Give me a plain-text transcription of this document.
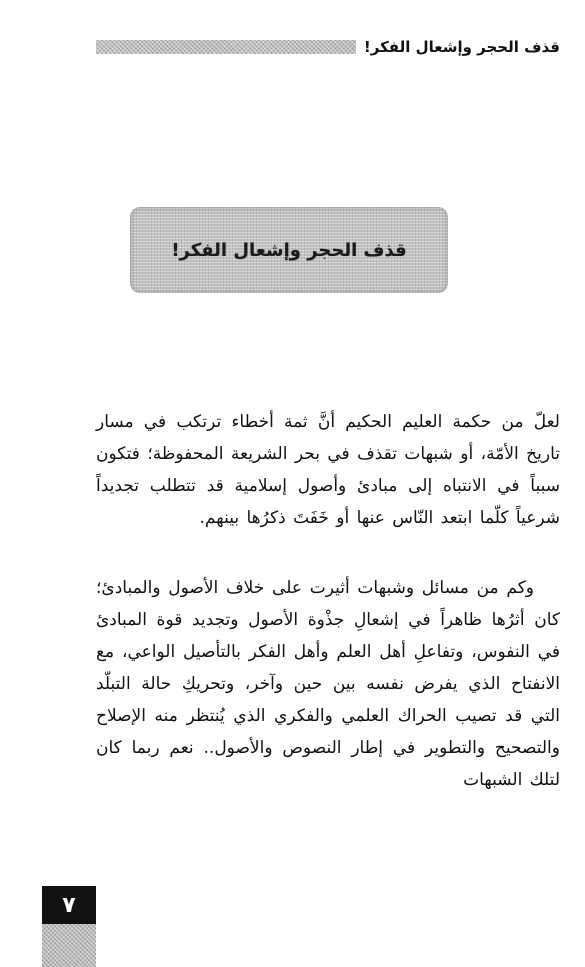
قذف الحجر وإشعال الفكر!
قذف الحجر وإشعال الفكر!
لعلّ من حكمة العليم الحكيم أنَّ ثمة أخطاء ترتكب في مسار تاريخ الأمّة، أو شبهات تقذف في بحر الشريعة المحفوظة؛ فتكون سبباً في الانتباه إلى مبادئ وأصول إسلامية قد تتطلب تجديداً شرعياً كلّما ابتعد النّاس عنها أو خَفَتَ ذكرُها بينهم.
وكم من مسائل وشبهات أثيرت على خلاف الأصول والمبادئ؛ كان أثرُها ظاهراً في إشعالِ جذْوة الأصول وتجديد قوة المبادئ في النفوس، وتفاعلِ أهل العلم وأهل الفكر بالتأصيل الواعي، مع الانفتاح الذي يفرض نفسه بين حين وآخر، وتحريكِ حالة التبلّد التي قد تصيب الحراك العلمي والفكري الذي يُنتظر منه الإصلاح والتصحيح والتطوير في إطار النصوص والأصول.. نعم ربما كان لتلك الشبهات
٧
